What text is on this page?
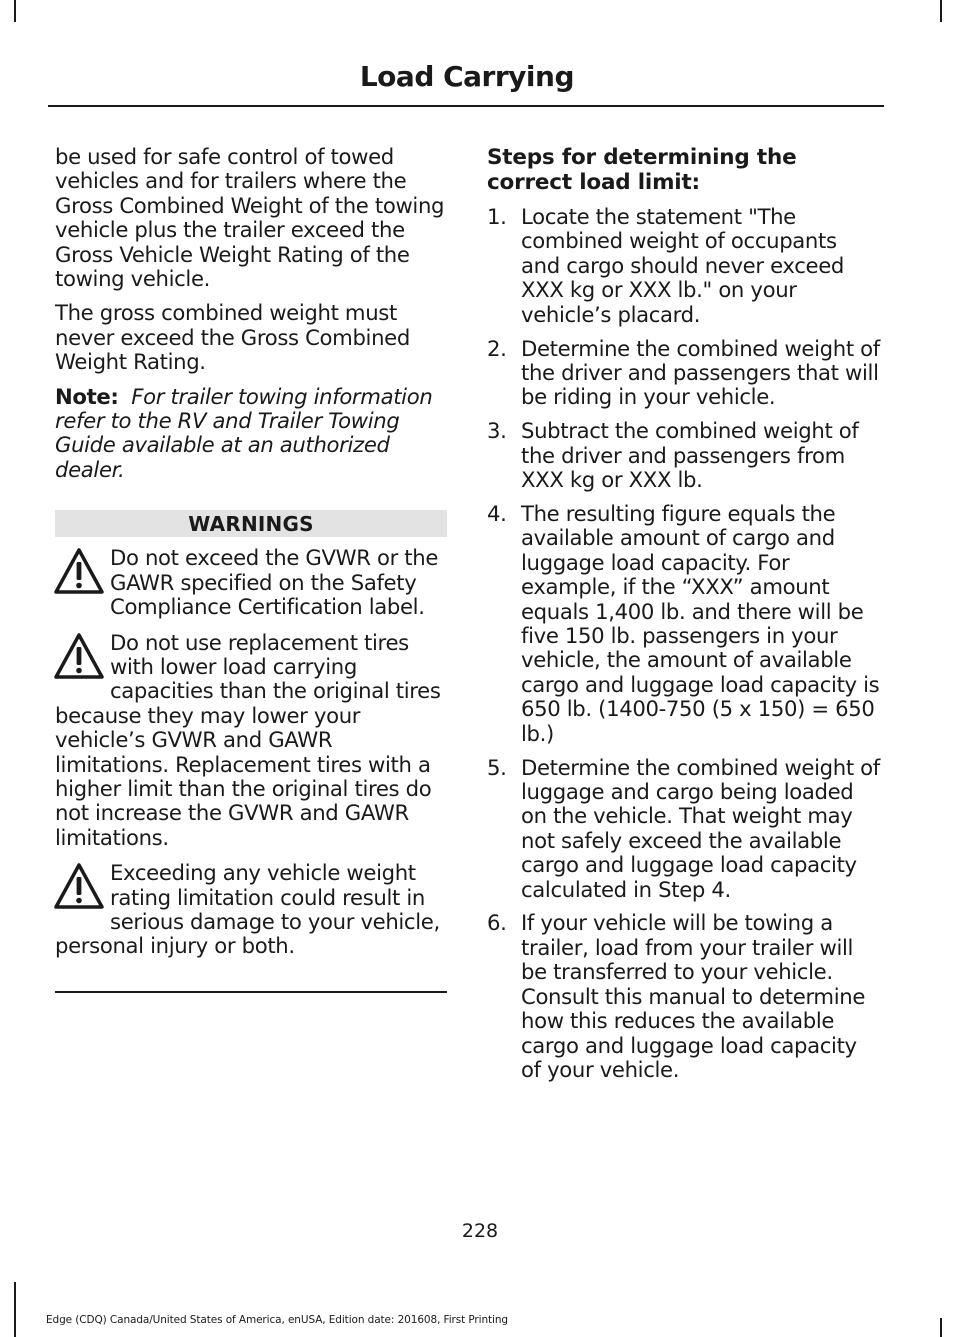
Load Carrying

be used for safe control of towed vehicles and for trailers where the Gross Combined Weight of the towing vehicle plus the trailer exceed the Gross Vehicle Weight Rating of the towing vehicle.

The gross combined weight must never exceed the Gross Combined Weight Rating.

Note: For trailer towing information refer to the RV and Trailer Towing Guide available at an authorized dealer.

WARNINGS
Do not exceed the GVWR or the GAWR specified on the Safety Compliance Certification label.
Do not use replacement tires with lower load carrying capacities than the original tires because they may lower your vehicle’s GVWR and GAWR limitations. Replacement tires with a higher limit than the original tires do not increase the GVWR and GAWR limitations.
Exceeding any vehicle weight rating limitation could result in serious damage to your vehicle, personal injury or both.
Steps for determining the correct load limit:
1. Locate the statement "The combined weight of occupants and cargo should never exceed XXX kg or XXX lb." on your vehicle’s placard.
2. Determine the combined weight of the driver and passengers that will be riding in your vehicle.
3. Subtract the combined weight of the driver and passengers from XXX kg or XXX lb.
4. The resulting figure equals the available amount of cargo and luggage load capacity. For example, if the “XXX” amount equals 1,400 lb. and there will be five 150 lb. passengers in your vehicle, the amount of available cargo and luggage load capacity is 650 lb. (1400-750 (5 x 150) = 650 lb.)
5. Determine the combined weight of luggage and cargo being loaded on the vehicle. That weight may not safely exceed the available cargo and luggage load capacity calculated in Step 4.
6. If your vehicle will be towing a trailer, load from your trailer will be transferred to your vehicle. Consult this manual to determine how this reduces the available cargo and luggage load capacity of your vehicle.
228
Edge (CDQ) Canada/United States of America, enUSA, Edition date: 201608, First Printing
